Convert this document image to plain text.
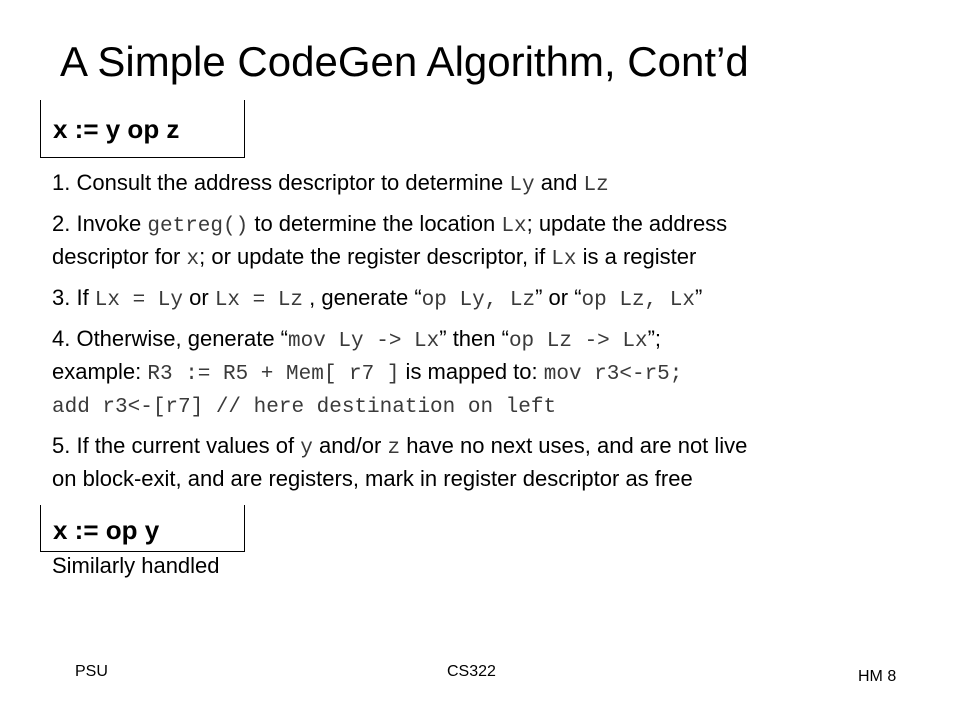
A Simple CodeGen Algorithm, Cont’d
x := y op z

1. Consult the address descriptor to determine Ly and Lz

2. Invoke getreg() to determine the location Lx; update the address
descriptor for x; or update the register descriptor, if Lx is a register

3. If Lx = Ly or Lx = Lz , generate “op Ly, Lz” or “op Lz, Lx”

4. Otherwise, generate “mov Ly -> Lx” then “op Lz -> Lx”;
example: R3 := R5 + Mem[ r7 ] is mapped to: mov r3<-r5;
add r3<-[r7] // here destination on left

5. If the current values of y and/or z have no next uses, and are not live
on block-exit, and are registers, mark in register descriptor as free

x := op y
Similarly handled
PSU	CS322	HM 8
